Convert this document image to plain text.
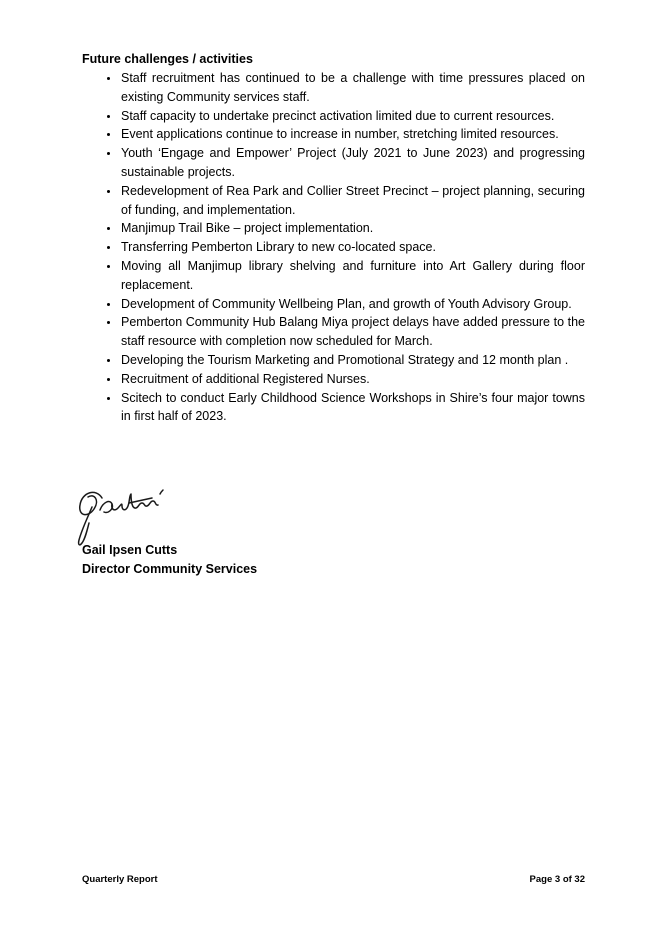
Future challenges / activities

• Staff recruitment has continued to be a challenge with time pressures placed on existing Community services staff.
• Staff capacity to undertake precinct activation limited due to current resources.
• Event applications continue to increase in number, stretching limited resources.
• Youth ‘Engage and Empower’ Project (July 2021 to June 2023) and progressing sustainable projects.
• Redevelopment of Rea Park and Collier Street Precinct – project planning, securing of funding, and implementation.
• Manjimup Trail Bike – project implementation.
• Transferring Pemberton Library to new co-located space.
• Moving all Manjimup library shelving and furniture into Art Gallery during floor replacement.
• Development of Community Wellbeing Plan, and growth of Youth Advisory Group.
• Pemberton Community Hub Balang Miya project delays have added pressure to the staff resource with completion now scheduled for March.
• Developing the Tourism Marketing and Promotional Strategy and 12 month plan .
• Recruitment of additional Registered Nurses.
• Scitech to conduct Early Childhood Science Workshops in Shire’s four major towns in first half of 2023.
Gail Ipsen Cutts
Director Community Services
Quarterly Report	Page 3 of 32
